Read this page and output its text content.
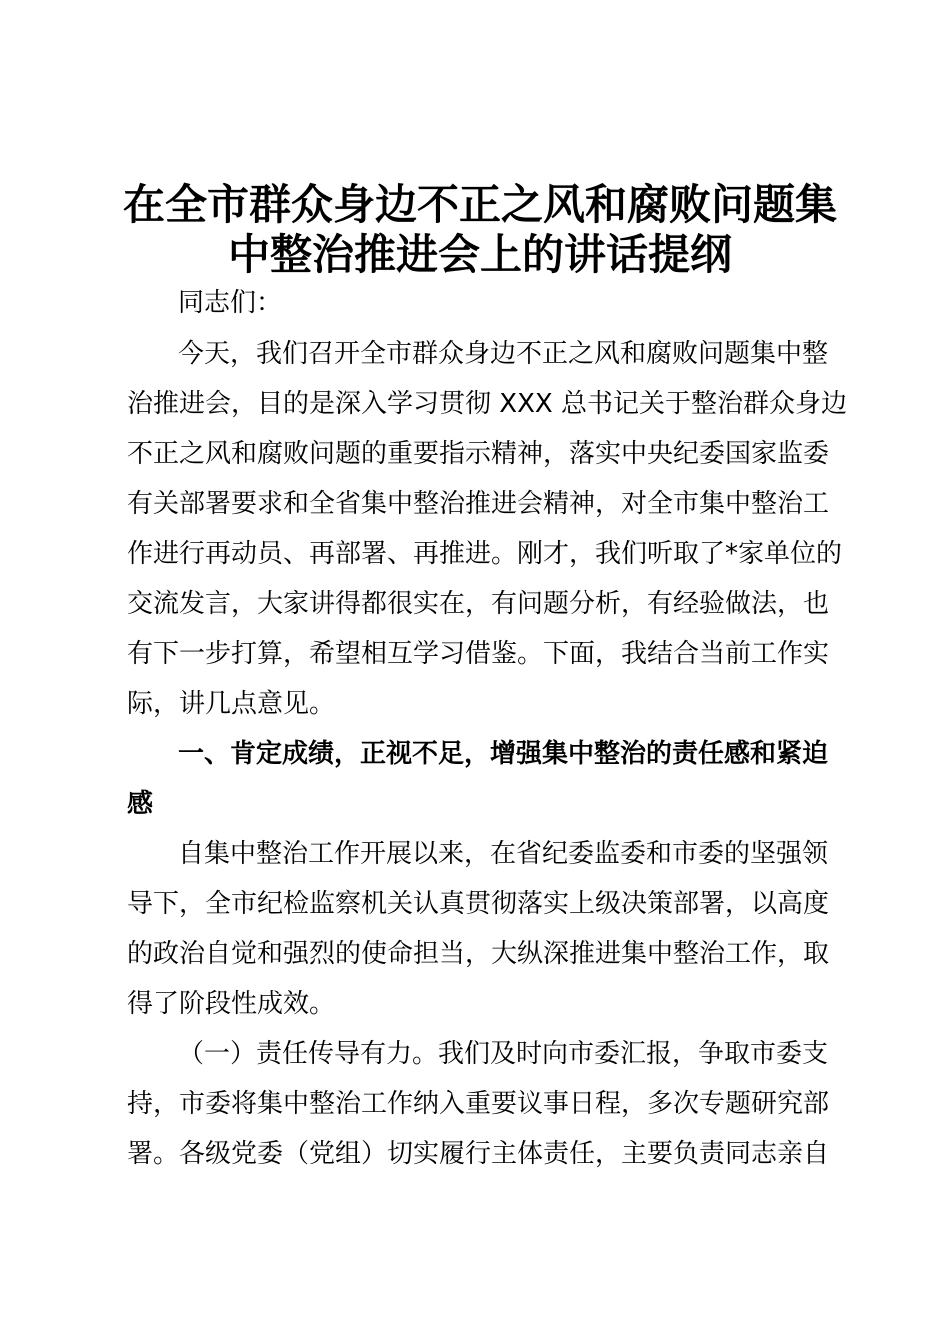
在全市群众身边不正之风和腐败问题集
中整治推进会上的讲话提纲

同志们：

今天，我们召开全市群众身边不正之风和腐败问题集中整

治推进会，目的是深入学习贯彻 XXX 总书记关于整治群众身边

不正之风和腐败问题的重要指示精神，落实中央纪委国家监委

有关部署要求和全省集中整治推进会精神，对全市集中整治工

作进行再动员、再部署、再推进。刚才，我们听取了*家单位的

交流发言，大家讲得都很实在，有问题分析，有经验做法，也

有下一步打算，希望相互学习借鉴。下面，我结合当前工作实

际，讲几点意见。

一、肯定成绩，正视不足，增强集中整治的责任感和紧迫

感

自集中整治工作开展以来，在省纪委监委和市委的坚强领

导下，全市纪检监察机关认真贯彻落实上级决策部署，以高度

的政治自觉和强烈的使命担当，大纵深推进集中整治工作，取

得了阶段性成效。

（一）责任传导有力。我们及时向市委汇报，争取市委支

持，市委将集中整治工作纳入重要议事日程，多次专题研究部

署。各级党委（党组）切实履行主体责任，主要负责同志亲自
